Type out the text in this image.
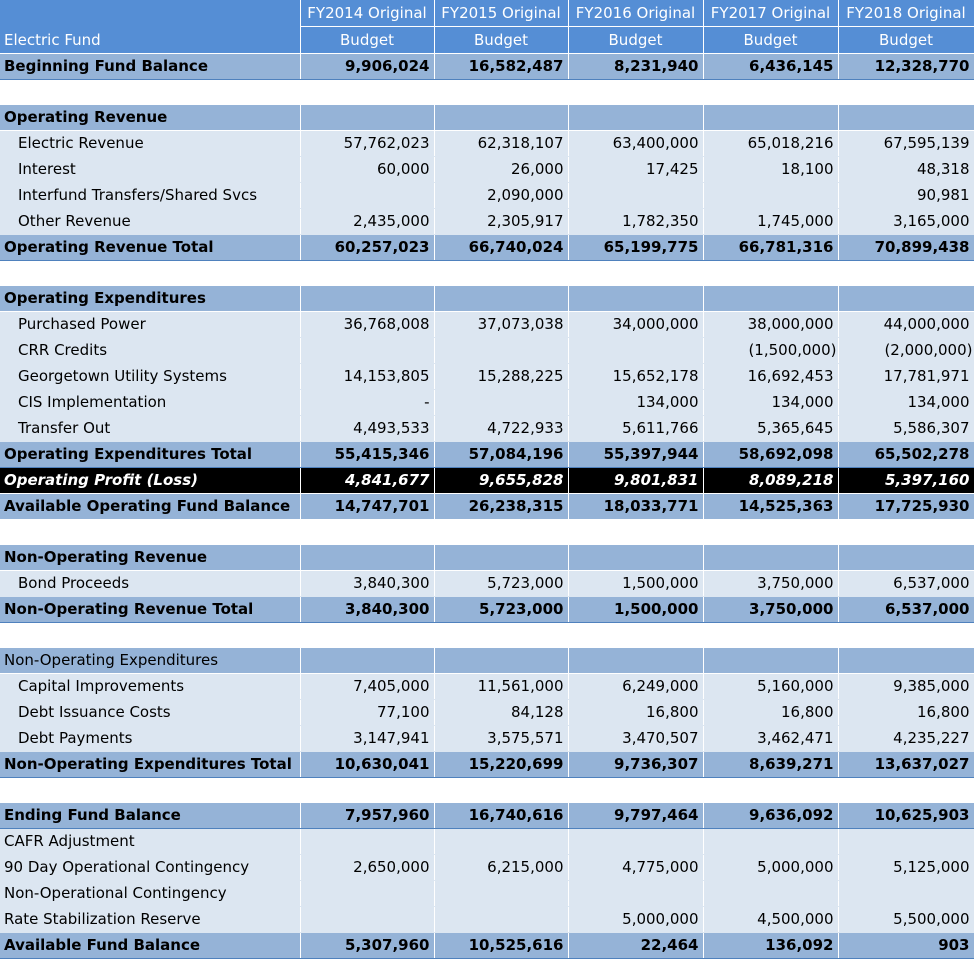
Electric Fund	FY2014 Original	FY2015 Original	FY2016 Original	FY2017 Original	FY2018 Original
	Budget	Budget	Budget	Budget	Budget
Beginning Fund Balance	9,906,024	16,582,487	8,231,940	6,436,145	12,328,770

Operating Revenue					
Electric Revenue	57,762,023	62,318,107	63,400,000	65,018,216	67,595,139
Interest	60,000	26,000	17,425	18,100	48,318
Interfund Transfers/Shared Svcs		2,090,000			90,981
Other Revenue	2,435,000	2,305,917	1,782,350	1,745,000	3,165,000
Operating Revenue Total	60,257,023	66,740,024	65,199,775	66,781,316	70,899,438

Operating Expenditures					
Purchased Power	36,768,008	37,073,038	34,000,000	38,000,000	44,000,000
CRR Credits				(1,500,000)	(2,000,000)
Georgetown Utility Systems	14,153,805	15,288,225	15,652,178	16,692,453	17,781,971
CIS Implementation	-		134,000	134,000	134,000
Transfer Out	4,493,533	4,722,933	5,611,766	5,365,645	5,586,307
Operating Expenditures Total	55,415,346	57,084,196	55,397,944	58,692,098	65,502,278
Operating Profit (Loss)	4,841,677	9,655,828	9,801,831	8,089,218	5,397,160
Available Operating Fund Balance	14,747,701	26,238,315	18,033,771	14,525,363	17,725,930

Non-Operating Revenue					
Bond Proceeds	3,840,300	5,723,000	1,500,000	3,750,000	6,537,000
Non-Operating Revenue Total	3,840,300	5,723,000	1,500,000	3,750,000	6,537,000

Non-Operating Expenditures					
Capital Improvements	7,405,000	11,561,000	6,249,000	5,160,000	9,385,000
Debt Issuance Costs	77,100	84,128	16,800	16,800	16,800
Debt Payments	3,147,941	3,575,571	3,470,507	3,462,471	4,235,227
Non-Operating Expenditures Total	10,630,041	15,220,699	9,736,307	8,639,271	13,637,027

Ending Fund Balance	7,957,960	16,740,616	9,797,464	9,636,092	10,625,903
CAFR Adjustment					
90 Day Operational Contingency	2,650,000	6,215,000	4,775,000	5,000,000	5,125,000
Non-Operational Contingency					
Rate Stabilization Reserve			5,000,000	4,500,000	5,500,000
Available Fund Balance	5,307,960	10,525,616	22,464	136,092	903
